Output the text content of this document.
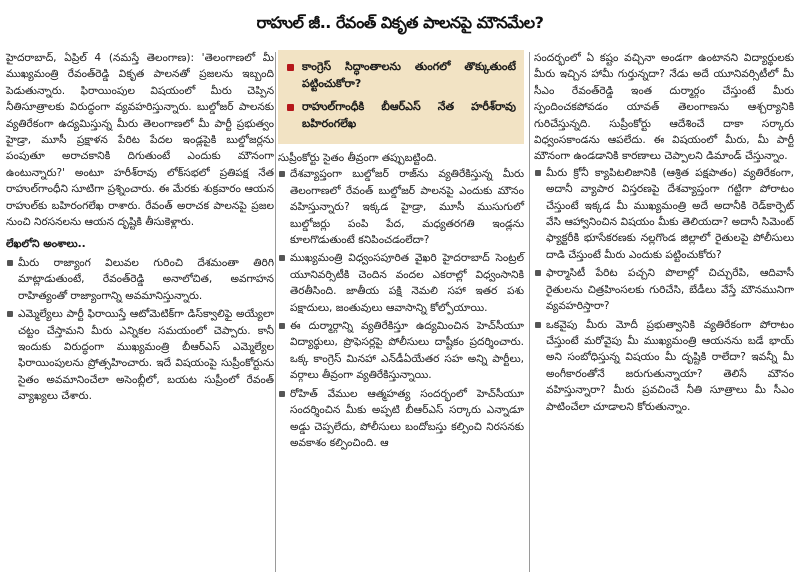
రాహుల్ జీ.. రేవంత్ వికృత పాలనపై మౌనమేల?

హైదరాబాద్, ఏప్రిల్ 4 (నమస్తే తెలంగాణ): 'తెలంగాణలో మీ ముఖ్యమంత్రి రేవంత్‌రెడ్డి వికృత పాలనతో ప్రజలను ఇబ్బంది పెడుతున్నారు. ఫిరాయింపుల విషయంలో మీరు చెప్పిన నీతిసూత్రాలకు విరుద్ధంగా వ్యవహరిస్తున్నారు. బుల్డోజర్ పాలనకు వ్యతిరేకంగా ఉద్యమిస్తున్న మీరు తెలంగాణలో మీ పార్టీ ప్రభుత్వం హైడ్రా, మూసీ ప్రక్షాళన పేరిట పేదల ఇండ్లపైకి బుల్డోజర్లను పంపుతూ అరాచకానికి దిగుతుంటే ఎందుకు మౌనంగా ఉంటున్నారు?' అంటూ హరీశ్‌రావు లోక్‌సభలో ప్రతిపక్ష నేత రాహుల్‌గాంధీని సూటిగా ప్రశ్నించారు. ఈ మేరకు శుక్రవారం ఆయన రాహుల్‌కు బహిరంగలేఖ రాశారు. రేవంత్ అరాచక పాలనపై ప్రజల నుంచి నిరసనలను ఆయన దృష్టికి తీసుకెళ్లారు.

లేఖలోని అంశాలు..

మీరు రాజ్యాంగ విలువల గురించి దేశమంతా తిరిగి మాట్లాడుతుంటే, రేవంత్‌రెడ్డి అనాలోచిత, అవగాహన రాహిత్యంతో రాజ్యాంగాన్ని అవమానిస్తున్నారు.
ఎమ్మెల్యేలు పార్టీ ఫిరాయిస్తే ఆటోమెటిక్‌గా డిస్‌క్వాలిఫై అయ్యేలా చట్టం చేస్తామని మీరు ఎన్నికల సమయంలో చెప్పారు. కానీ ఇందుకు విరుద్ధంగా ముఖ్యమంత్రి బీఆర్‌ఎస్ ఎమ్మెల్యేల ఫిరాయింపులను ప్రోత్సహించారు. ఇదే విషయంపై సుప్రీంకోర్టును సైతం అవమానించేలా అసెంబ్లీలో, బయట సుప్రీంలో రేవంత్ వ్యాఖ్యలు చేశారు.
కాంగ్రెస్ సిద్ధాంతాలను తుంగలో తొక్కుతుంటే పట్టించుకోరా?
రాహుల్‌గాంధీకి బీఆర్‌ఎస్ నేత హరీశ్‌రావు బహిరంగలేఖ

సుప్రీంకోర్టు సైతం తీవ్రంగా తప్పుబట్టింది.

దేశవ్యాప్తంగా బుల్డోజర్ రాజ్‌ను వ్యతిరేకిస్తున్న మీరు తెలంగాణలో రేవంత్ బుల్డోజర్ పాలనపై ఎందుకు మౌనం వహిస్తున్నారు? ఇక్కడ హైడ్రా, మూసీ ముసుగులో బుల్డోజర్లు పంపి పేద, మధ్యతరగతి ఇండ్లను కూలగొడుతుంటే కనిపించడంలేదా?
ముఖ్యమంత్రి విధ్వంసపూరిత వైఖరి హైదరాబాద్ సెంట్రల్ యూనివర్సిటీకి చెందిన వందల ఎకరాల్లో విధ్వంసానికి తెరతీసింది. జాతీయ పక్షి నెమలి సహా ఇతర పశు పక్షాదులు, జంతువులు ఆవాసాన్ని కోల్పోయాయి.
ఈ దుర్మార్గాన్ని వ్యతిరేకిస్తూ ఉద్యమించిన హెచ్‌సీయూ విద్యార్థులు, ప్రొఫెసర్లపై పోలీసులు దాష్టీకం ప్రదర్శించారు. ఒక్క కాంగ్రెస్ మినహా ఎన్‌డీఏయేతర సహ అన్ని పార్టీలు, వర్గాలు తీవ్రంగా వ్యతిరేకిస్తున్నాయి.
రోహిత్ వేముల ఆత్మహత్య సందర్భంలో హెచ్‌సీయూ సందర్శించిన మీకు అప్పటి బీఆర్‌ఎస్ సర్కారు ఎన్నాడూ అడ్డు చెప్పలేదు, పోలీసులు బందోబస్తు కల్పించి నిరసనకు అవకాశం కల్పించింది. ఆ

సందర్భంలో ఏ కష్టం వచ్చినా అండగా ఉంటానని విద్యార్థులకు మీరు ఇచ్చిన హామీ గుర్తున్నదా? నేడు అదే యూనివర్సిటీలో మీ సీఎం రేవంత్‌రెడ్డి ఇంత దుర్మార్గం చేస్తుంటే మీరు స్పందించకపోవడం యావత్ తెలంగాణను ఆశ్చర్యానికి గురిచేస్తున్నది. సుప్రీంకోర్టు ఆదేశించే దాకా సర్కారు విధ్వంసకాండను ఆపలేదు. ఈ విషయంలో మీరు, మీ పార్టీ మౌనంగా ఉండడానికి కారణాలు చెప్పాలని డిమాండ్ చేస్తున్నాం.

మీరు క్రోనీ క్యాపిటలిజానికి (ఆశ్రిత పక్షపాతం) వ్యతిరేకంగా, అదానీ వ్యాపార విస్తరణపై దేశవ్యాప్తంగా గట్టిగా పోరాటం చేస్తుంటే ఇక్కడ మీ ముఖ్యమంత్రి అదే అదానీకి రెడ్‌కార్పెట్ వేసి ఆహ్వానించిన విషయం మీకు తెలియదా? అదానీ సిమెంట్ ఫ్యాక్టరీకి భూసేకరణకు నల్లగొండ జిల్లాలో రైతులపై పోలీసులు దాడి చేస్తుంటే మీరు ఎందుకు పట్టించుకోరు?
ఫార్మాసిటీ పేరిట పచ్చని పొలాల్లో చిచ్చురేపి, ఆదివాసీ రైతులను చిత్రహింసలకు గురిచేసి, బేడీలు వేస్తే మౌనమునిగా వ్యవహరిస్తారా?
ఒకవైపు మీరు మోదీ ప్రభుత్వానికి వ్యతిరేకంగా పోరాటం చేస్తుంటే మరోవైపు మీ ముఖ్యమంత్రి ఆయనను బడే భాయ్ అని సంబోధిస్తున్న విషయం మీ దృష్టికి రాలేదా? ఇవన్నీ మీ అంగీకారంతోనే జరుగుతున్నాయా? తెలిసే మౌనం వహిస్తున్నారా? మీరు ప్రవచించే నీతి సూత్రాలు మీ సీఎం పాటించేలా చూడాలని కోరుతున్నాం.
